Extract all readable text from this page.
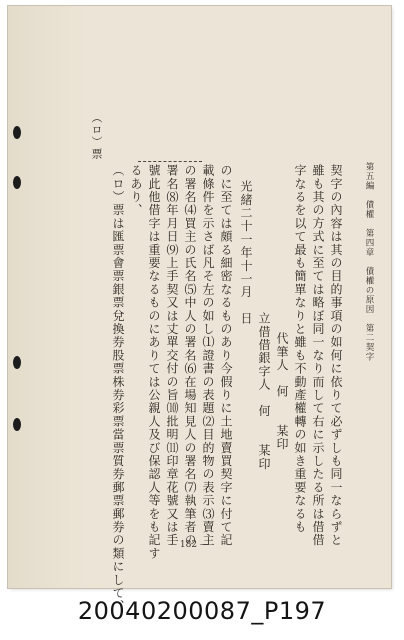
第五編　債權　第四章　債權の原因　第二契字
契字の內容は其の目的事項の如何に依りて必ずしも同一ならずと
雖も其の方式に至ては略ぼ同一なり而して右に示したる所は借借
字なるを以て最も簡單なりと雖も不動產權轉の如き重要なるも
代筆人　何　　某印
立借借銀字人　何　　某印
光緒二十一年十一月　日
のに至ては頗る細密なるものあり今假りに土地賣買契字に付て記
載條件を示さば凡そ左の如し⑴證書の表題⑵目的物の表示⑶賣主
の署名⑷買主の氏名⑸中人の署名⑹在場知見人の署名⑺執筆者の
署名⑻年月日⑼上手契又は丈單交付の旨⑽批明⑾印章花號又は手
號此他借字は重要なるものにありては公親人及び保認人等をも記す
るあり、
（ロ）票は匯票會票銀票兌換券股票株券彩票當票質券郵票郵券の類にして、
（ロ）票
— 182 —
20040200087_P197
